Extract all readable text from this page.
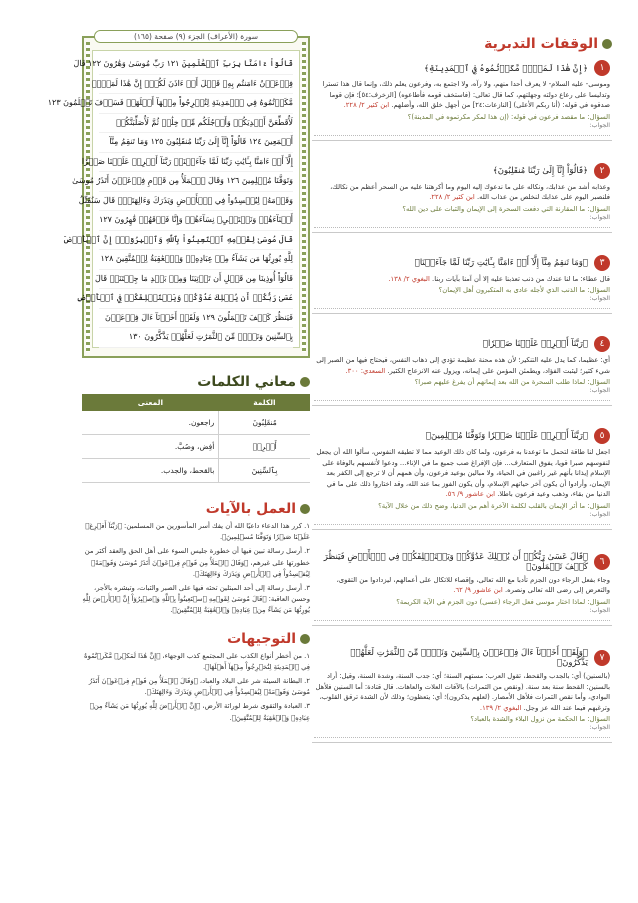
سورة (الأعراف) الجزء (٩) صفحة (١٦٥)
قَالُوٓاْ ءَامَنَّا بِرَبِّ ٱلۡعَٰلَمِينَ ١٢١ رَبِّ مُوسَىٰ وَهَٰرُونَ ١٢٢ قَالَ
فِرۡعَوۡنُ ءَامَنتُم بِهِۦ قَبۡلَ أَنۡ ءَاذَنَ لَكُمۡۖ إِنَّ هَٰذَا لَمَكۡرٞ
مَّكَرۡتُمُوهُ فِي ٱلۡمَدِينَةِ لِتُخۡرِجُواْ مِنۡهَآ أَهۡلَهَاۖ فَسَوۡفَ تَعۡلَمُونَ ١٢٣
لَأُقَطِّعَنَّ أَيۡدِيَكُمۡ وَأَرۡجُلَكُم مِّنۡ خِلَٰفٖ ثُمَّ لَأُصَلِّبَنَّكُمۡ
أَجۡمَعِينَ ١٢٤ قَالُوٓاْ إِنَّآ إِلَىٰ رَبِّنَا مُنقَلِبُونَ ١٢٥ وَمَا تَنقِمُ مِنَّآ
إِلَّآ أَنۡ ءَامَنَّا بِـَٔايَٰتِ رَبِّنَا لَمَّا جَآءَتۡنَاۚ رَبَّنَآ أَفۡرِغۡ عَلَيۡنَا صَبۡرٗا
وَتَوَفَّنَا مُسۡلِمِينَ ١٢٦ وَقَالَ ٱلۡمَلَأُ مِن قَوۡمِ فِرۡعَوۡنَ أَتَذَرُ مُوسَىٰ
وَقَوۡمَهُۥ لِيُفۡسِدُواْ فِي ٱلۡأَرۡضِ وَيَذَرَكَ وَءَالِهَتَكَۚ قَالَ سَنُقَتِّلُ
أَبۡنَآءَهُمۡ وَنَسۡتَحۡيِۦ نِسَآءَهُمۡ وَإِنَّا فَوۡقَهُمۡ قَٰهِرُونَ ١٢٧
قَالَ مُوسَىٰ لِقَوۡمِهِ ٱسۡتَعِينُواْ بِٱللَّهِ وَٱصۡبِرُوٓاْۖ إِنَّ ٱلۡأَرۡضَ
لِلَّهِ يُورِثُهَا مَن يَشَآءُ مِنۡ عِبَادِهِۦۖ وَٱلۡعَٰقِبَةُ لِلۡمُتَّقِينَ ١٢٨
قَالُوٓاْ أُوذِينَا مِن قَبۡلِ أَن تَأۡتِيَنَا وَمِنۢ بَعۡدِ مَا جِئۡتَنَاۚ قَالَ
عَسَىٰ رَبُّكُمۡ أَن يُهۡلِكَ عَدُوَّكُمۡ وَيَسۡتَخۡلِفَكُمۡ فِي ٱلۡأَرۡضِ
فَيَنظُرَ كَيۡفَ تَعۡمَلُونَ ١٢٩ وَلَقَدۡ أَخَذۡنَآ ءَالَ فِرۡعَوۡنَ
بِٱلسِّنِينَ وَنَقۡصٖ مِّنَ ٱلثَّمَرَٰتِ لَعَلَّهُمۡ يَذَّكَّرُونَ ١٣٠
معاني الكلمات
الكلمة	المعنى
مُنقَلِبُونَ	راجعون.
أَفۡرِغۡ	أفِض، وصُبَّ.
بِٱلسِّنِينَ	بالقحط، والجدب.
العمل بالآيات

١. كرر هذا الدعاء داعيًا الله أن يفك أسر المأسورين من المسلمين: ﴿رَبَّنَآ أَفۡرِغۡ عَلَيۡنَا صَبۡرٗا وَتَوَفَّنَا مُسۡلِمِينَ﴾.

٢. أرسل رسالة تبين فيها أن خطورة جليس السوء على أهل الحق والعقد أكثر من خطورتها على غيرهم، ﴿وَقَالَ ٱلۡمَلَأُ مِن قَوۡمِ فِرۡعَوۡنَ أَتَذَرُ مُوسَىٰ وَقَوۡمَهُۥ لِيُفۡسِدُواْ فِي ٱلۡأَرۡضِ وَيَذَرَكَ وَءَالِهَتَكَ﴾.

٣. أرسل رسالة إلى أحد المبتلين تحثه فيها على الصبر والثبات، وتبشره بالأجر، وحسن العاقبة: ﴿قَالَ مُوسَىٰ لِقَوۡمِهِ ٱسۡتَعِينُواْ بِٱللَّهِ وَٱصۡبِرُوٓاْ إِنَّ ٱلۡأَرۡضَ لِلَّهِ يُورِثُهَا مَن يَشَآءُ مِنۡ عِبَادِهِۦ وَٱلۡعَٰقِبَةُ لِلۡمُتَّقِينَ﴾.

التوجيهات

١. من أخطر أنواع الكذب على المجتمع كذب الوجهاء، ﴿إِنَّ هَٰذَا لَمَكۡرٞ مَّكَرۡتُمُوهُ فِي ٱلۡمَدِينَةِ لِتُخۡرِجُواْ مِنۡهَآ أَهۡلَهَا﴾.

٢. البطانة السيئة شر على البلاد والعباد، ﴿وَقَالَ ٱلۡمَلَأُ مِن قَوۡمِ فِرۡعَوۡنَ أَتَذَرُ مُوسَىٰ وَقَوۡمَهُۥ لِيُفۡسِدُواْ فِي ٱلۡأَرۡضِ وَيَذَرَكَ وَءَالِهَتَكَ﴾.

٣. العبادة والتقوى شرط لوراثة الأرض، ﴿إِنَّ ٱلۡأَرۡضَ لِلَّهِ يُورِثُهَا مَن يَشَآءُ مِنۡ عِبَادِهِۦ وَٱلۡعَٰقِبَةُ لِلۡمُتَّقِينَ﴾.

الوقفات التدبرية
١
﴿إِنَّ هَٰذَا لَمَكۡرٞ مَّكَرۡتُمُوهُ فِي ٱلۡمَدِينَةِ﴾
وموسى- عليه السلام- لا يعرف أحدا منهم، ولا رآه، ولا اجتمع به، وفرعون يعلم ذلك، وإنما قال هذا تسترا وتدليسا على رعاع دولته وجهلتهم، كما قال تعالى: (فاستخف قومه فأطاعوه) [الزخرف:٥٤]؛ فإن قوما صدقوه في قوله: (أنا ربكم الأعلى) [النازعات:٢٤] من أجهل خلق الله، وأضلهم. ابن كثير ٢/ ٢٢٨.
السؤال: ما مقصد فرعون في قوله: (إن هذا لمكر مكرتموه في المدينة)؟
الجواب:
٢
﴿قَالُوٓاْ إِنَّآ إِلَىٰ رَبِّنَا مُنقَلِبُونَ﴾
وعذابه أشد من عذابك، ونكاله على ما ندعوك إليه اليوم وما أكرهتنا عليه من السحر أعظم من نكالك، فلنصبر اليوم على عذابك لنخلص من عذاب الله. ابن كثير ٢/ ٢٢٨.
السؤال: ما المقارنة التي دفعت السحرة إلى الإيمان والثبات على دين الله؟
الجواب:
٣
﴿وَمَا تَنقِمُ مِنَّآ إِلَّآ أَنۡ ءَامَنَّا بِـَٔايَٰتِ رَبِّنَا لَمَّا جَآءَتۡنَا﴾
قال عطاء: ما لنا عندك من ذنب تعذبنا عليه إلا أن آمنا بآيات ربنا. البغوي ٢/ ١٣٨.
السؤال: ما الذنب الذي لأجله عادى به المتكبرون أهل الإيمان؟
الجواب:
٤
﴿رَبَّنَآ أَفۡرِغۡ عَلَيۡنَا صَبۡرٗا﴾
أي: عظيما، كما يدل عليه التنكير؛ لأن هذه محنة عظيمة تؤدي إلى ذهاب النفس، فيحتاج فيها من الصبر إلى شيء كثير؛ ليثبت الفؤاد، ويطمئن المؤمن على إيمانه، ويزول عنه الانزعاج الكثير. السعدي: ٣٠٠.
السؤال: لماذا طلب السحرة من الله بعد إيمانهم أن يفرغ عليهم صبرا؟
الجواب:
٥
﴿رَبَّنَآ أَفۡرِغۡ عَلَيۡنَا صَبۡرٗا وَتَوَفَّنَا مُسۡلِمِينَ﴾
اجعل لنا طاقة لتحمل ما توعدنا به فرعون، ولما كان ذلك الوعيد مما لا تطيقه النفوس، سألوا الله أن يجعل لنفوسهم صبرا قويا، يفوق المتعارف... فإن الإفراغ صب جميع ما في الإناء... ودعوا لأنفسهم بالوفاة على الإسلام إيذانا بأنهم غير راغبين في الحياة، ولا مبالين بوعيد فرعون، وأن همهم أن لا ترجع إلى الكفر بعد الإيمان، وأرادوا أن يكون آخر حياتهم الإسلام، وأن يكون الفوز بما عند الله، وقد اختاروا ذلك على ما في الدنيا من بقاء، وذهب وعيد فرعون باطلا. ابن عاشور ٩/ ٥٦.
السؤال: ما أثر الإيمان بالقلب لكلمة الآخرة أهم من الدنيا، وضح ذلك من خلال الآية؟
الجواب:
٦
﴿قَالَ عَسَىٰ رَبُّكُمۡ أَن يُهۡلِكَ عَدُوَّكُمۡ وَيَسۡتَخۡلِفَكُمۡ فِي ٱلۡأَرۡضِ فَيَنظُرَ كَيۡفَ تَعۡمَلُونَ﴾
وجاء بفعل الرجاء دون الجزم تأدبا مع الله تعالى، وإقصاء للاتكال على أعمالهم، ليزدادوا من التقوى، والتعرض إلى رضى الله تعالى ونصره. ابن عاشور ٩/ ٦٢.
السؤال: لماذا اختار موسى فعل الرجاء (عسى) دون الجزم في الآية الكريمة؟
الجواب:
٧
﴿وَلَقَدۡ أَخَذۡنَآ ءَالَ فِرۡعَوۡنَ بِٱلسِّنِينَ وَنَقۡصٖ مِّنَ ٱلثَّمَرَٰتِ لَعَلَّهُمۡ يَذَّكَّرُونَ﴾
(بالسنين) أي: بالجدب والقحط، تقول العرب: مستهم السنة؛ أي: جدب السنة، وشدة السنة، وقيل: أراد بالسنين: القحط سنة بعد سنة. (ونقص من الثمرات) بالآفات العلات والعاهات. قال قتادة: أما السنين فلأهل البوادي، وأما نقص الثمرات فلأهل الأمصار. (لعلهم يذكرون)؛ أي: يتعظون؛ وذلك لأن الشدة ترقق القلوب، وترغبهم فيما عند الله عز وجل. البغوي ٢/ ١٣٩.
السؤال: ما الحكمة من نزول البلاء والشدة بالعباد؟
الجواب:
